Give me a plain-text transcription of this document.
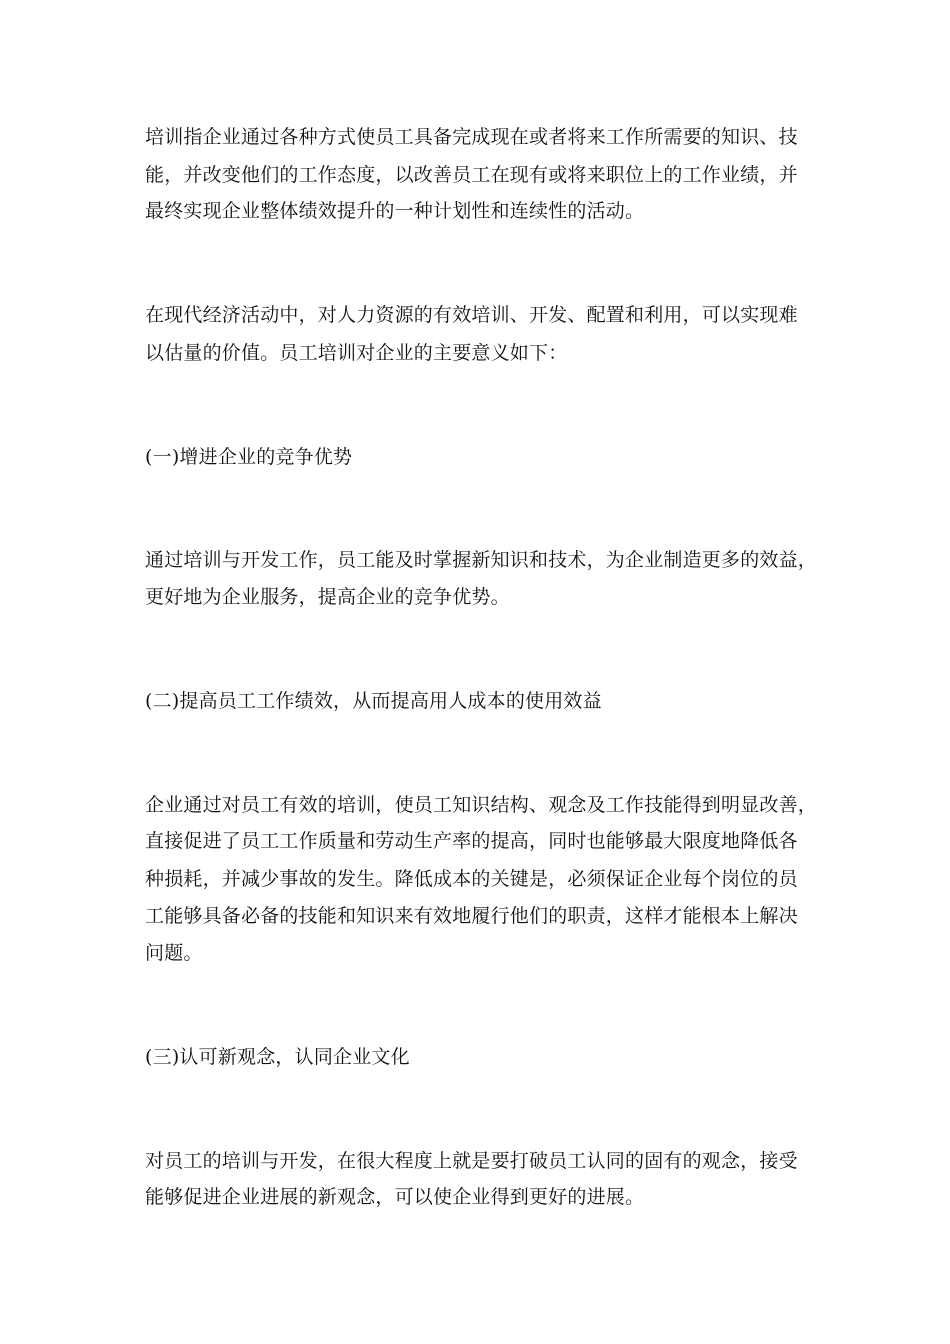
培训指企业通过各种方式使员工具备完成现在或者将来工作所需要的知识、技
能，并改变他们的工作态度，以改善员工在现有或将来职位上的工作业绩，并
最终实现企业整体绩效提升的一种计划性和连续性的活动。
在现代经济活动中，对人力资源的有效培训、开发、配置和利用，可以实现难
以估量的价值。员工培训对企业的主要意义如下：
(一)增进企业的竞争优势
通过培训与开发工作，员工能及时掌握新知识和技术，为企业制造更多的效益，
更好地为企业服务，提高企业的竞争优势。
(二)提高员工工作绩效，从而提高用人成本的使用效益
企业通过对员工有效的培训，使员工知识结构、观念及工作技能得到明显改善，
直接促进了员工工作质量和劳动生产率的提高，同时也能够最大限度地降低各
种损耗，并减少事故的发生。降低成本的关键是，必须保证企业每个岗位的员
工能够具备必备的技能和知识来有效地履行他们的职责，这样才能根本上解决
问题。
(三)认可新观念，认同企业文化
对员工的培训与开发，在很大程度上就是要打破员工认同的固有的观念，接受
能够促进企业进展的新观念，可以使企业得到更好的进展。
